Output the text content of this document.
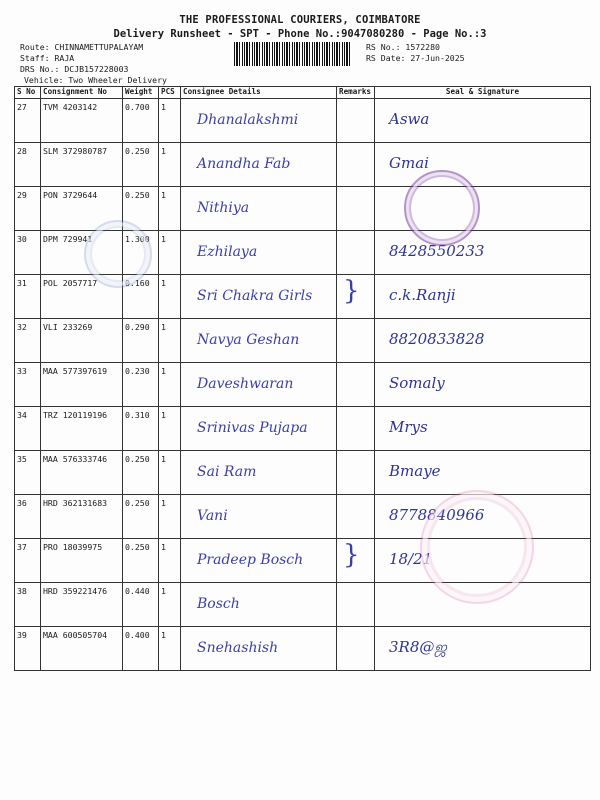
THE PROFESSIONAL COURIERS, COIMBATORE
Delivery Runsheet - SPT - Phone No.:9047080280 - Page No.:3
Route: CHINNAMETTUPALAYAM
Staff: RAJA
DRS No.: DCJB157228003
Vehicle: Two Wheeler Delivery
RS No.: 1572280
RS Date: 27-Jun-2025
S No	Consignment No	Weight	PCS	Consignee Details	Remarks	Seal & Signature
27	TVM 4203142	0.700	1	Dhanalakshmi		Aswa

28	SLM 372980787	0.250	1	Anandha Fab		Gmai

29	PON 3729644	0.250	1	Nithiya		

30	DPM 729941	1.300	1	Ezhilaya		8428550233

31	POL 2057717	0.160	1	Sri Chakra Girls	}	c.k.Ranji

32	VLI 233269	0.290	1	Navya Geshan		8820833828

33	MAA 577397619	0.230	1	Daveshwaran		Somaly

34	TRZ 120119196	0.310	1	Srinivas Pujapa		Mrys

35	MAA 576333746	0.250	1	Sai Ram		Bmaye

36	HRD 362131683	0.250	1	Vani		8778840966

37	PRO 18039975	0.250	1	Pradeep Bosch	}	18/21

38	HRD 359221476	0.440	1	Bosch		

39	MAA 600505704	0.400	1	Snehashish		3R8@ஜ
